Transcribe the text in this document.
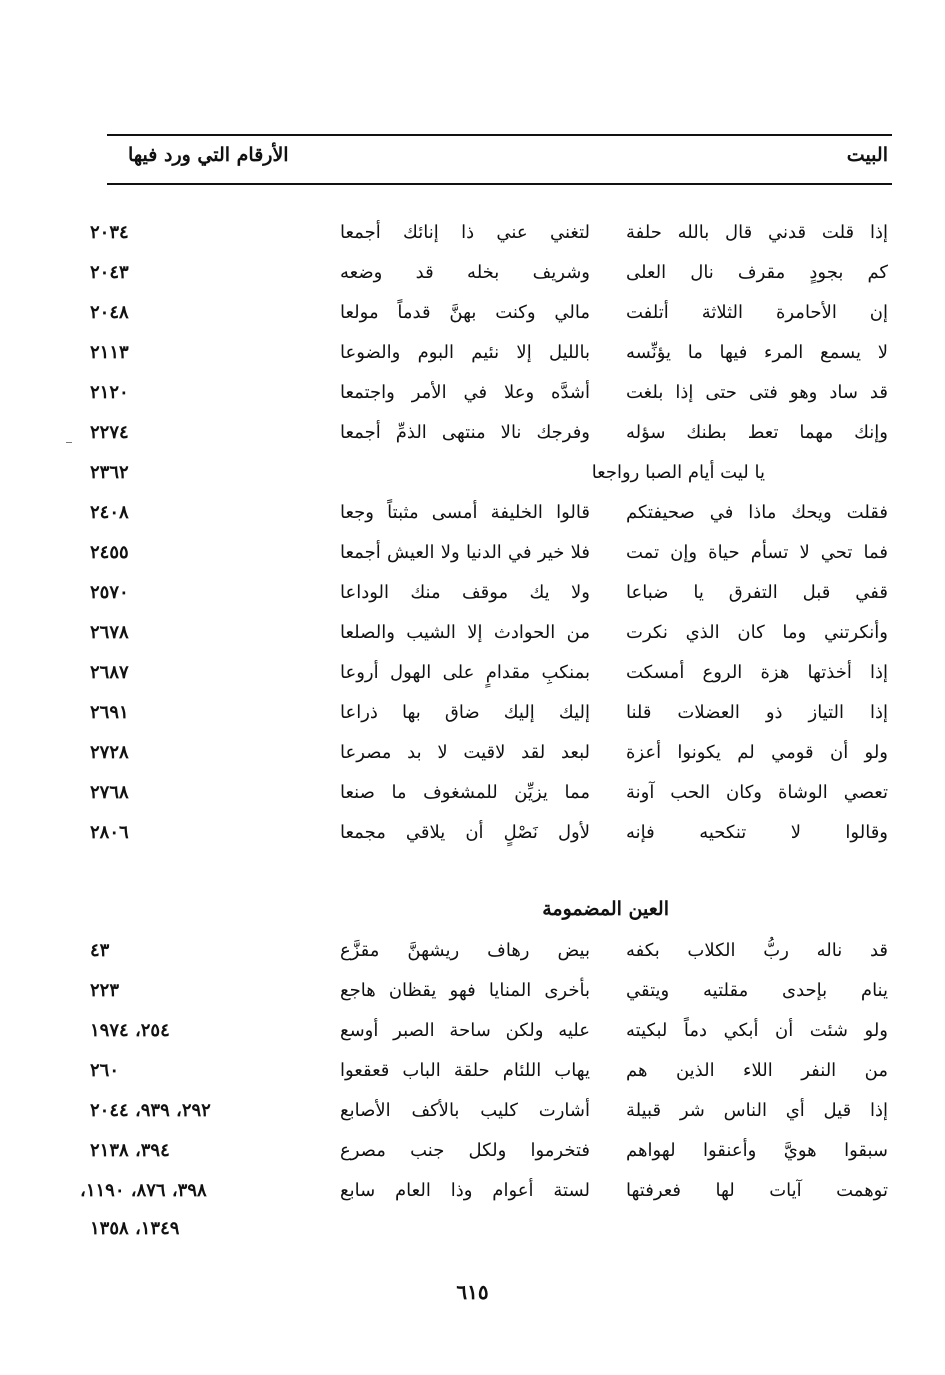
البيت
الأرقام التي ورد فيها
إذا قلت قدني قال بالله حلفة
لتغني عني ذا إنائك أجمعا
٢٠٣٤
كم بجودٍ مقرف نال العلى
وشريف بخله قد وضعه
٢٠٤٣
إن الأحامرة الثلاثة أتلفت
مالي وكنت بهنَّ قدماً مولعا
٢٠٤٨
لا يسمع المرء فيها ما يؤنِّسه
بالليل إلا نئيم البوم والضوعا
٢١١٣
قد ساد وهو فتى حتى إذا بلغت
أشدَّه وعلا في الأمر واجتمعا
٢١٢٠
وإنك مهما تعط بطنك سؤله
وفرجك نالا منتهى الذمِّ أجمعا
٢٢٧٤
يا ليت أيام الصبا رواجعا
٢٣٦٢
فقلت ويحك ماذا في صحيفتكم
قالوا الخليفة أمسى مثبتاً وجعا
٢٤٠٨
فما تحي لا تسأم حياة وإن تمت
فلا خير في الدنيا ولا العيش أجمعا
٢٤٥٥
قفي قبل التفرق يا ضباعا
ولا يك موقف منك الوداعا
٢٥٧٠
وأنكرتني وما كان الذي نكرت
من الحوادث إلا الشيب والصلعا
٢٦٧٨
إذا أخذتها هزة الروع أمسكت
بمنكبِ مقدامٍ على الهول أروعا
٢٦٨٧
إذا التياز ذو العضلات قلنا
إليك إليك ضاق بها ذراعا
٢٦٩١
ولو أن قومي لم يكونوا أعزة
لبعد لقد لاقيت لا بد مصرعا
٢٧٢٨
تعصي الوشاة وكان الحب آونة
مما يزيِّن للمشغوف ما صنعا
٢٧٦٨
وقالوا لا تنكحيه فإنه
لأول نَصْلٍ أن يلاقي مجمعا
٢٨٠٦
العين المضمومة
قد ناله ربُّ الكلاب بكفه
بيض رهاف ريشهنَّ مقزَّع
٤٣
ينام بإحدى مقلتيه ويتقي
بأخرى المنايا فهو يقظان هاجع
٢٢٣
ولو شئت أن أبكي دماً لبكيته
عليه ولكن ساحة الصبر أوسع
٢٥٤، ١٩٧٤
من النفر اللاء الذين هم
يهاب اللئام حلقة الباب قعقعوا
٢٦٠
إذا قيل أي الناس شر قبيلة
أشارت كليب بالأكف الأصابع
٢٩٢، ٩٣٩، ٢٠٤٤
سبقوا هويَّ وأعنقوا لهواهم
فتخرموا ولكل جنب مصرع
٣٩٤، ٢١٣٨
توهمت آيات لها فعرفتها
لستة أعوام وذا العام سابع
٣٩٨، ٨٧٦، ١١٩٠،
١٣٤٩، ١٣٥٨
٦١٥
